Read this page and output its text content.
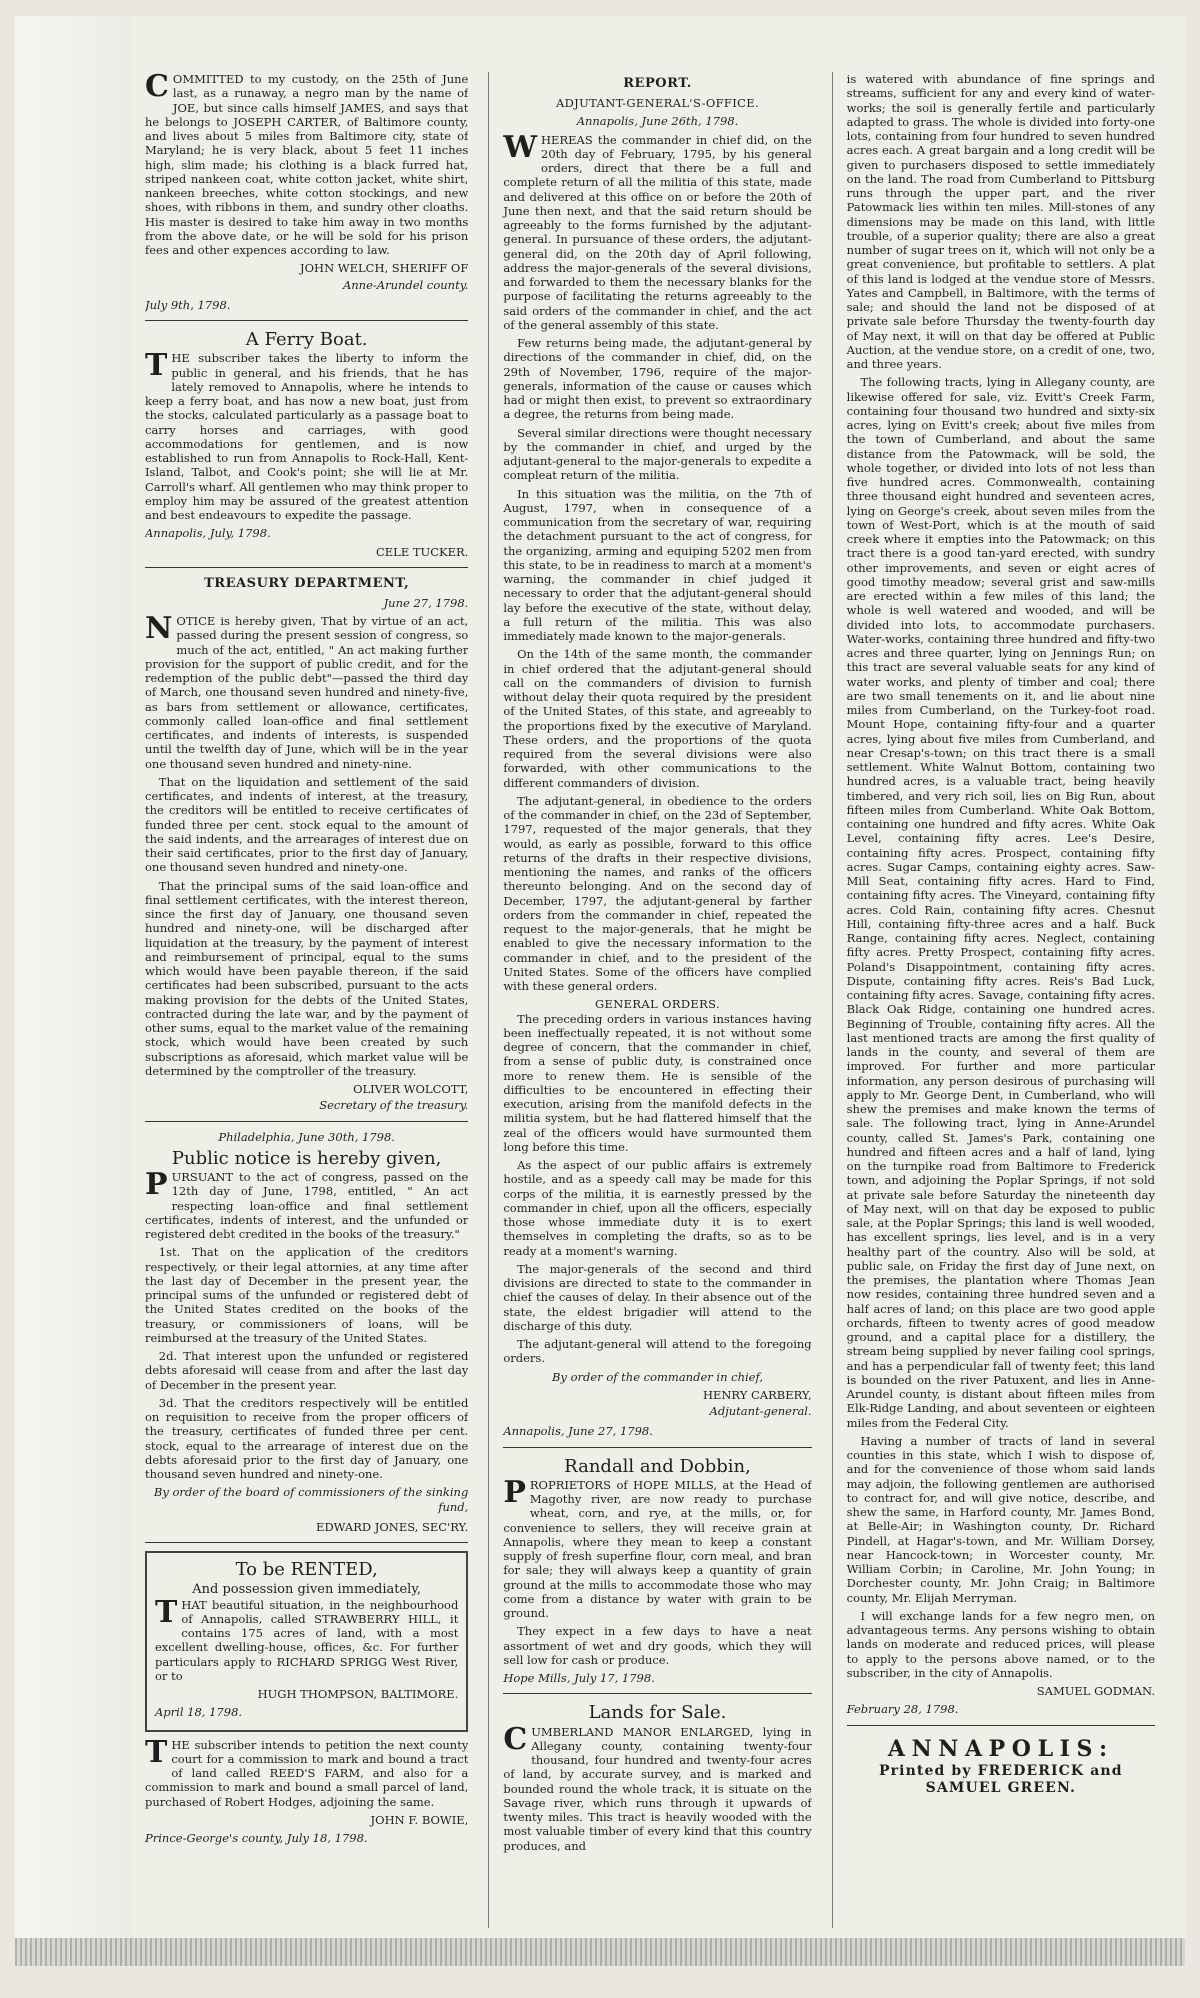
COMMITTED to my custody, on the 25th of June last, as a runaway, a negro man by the name of JOE, but since calls himself JAMES, and says that he belongs to JOSEPH CARTER, of Baltimore county, and lives about 5 miles from Baltimore city, state of Maryland; he is very black, about 5 feet 11 inches high, slim made; his clothing is a black furred hat, striped nankeen coat, white cotton jacket, white shirt, nankeen breeches, white cotton stockings, and new shoes, with ribbons in them, and sundry other cloaths. His master is desired to take him away in two months from the above date, or he will be sold for his prison fees and other expences according to law.

JOHN WELCH, SHERIFF OF
Anne-Arundel county.
July 9th, 1798.
A Ferry Boat.

THE subscriber takes the liberty to inform the public in general, and his friends, that he has lately removed to Annapolis, where he intends to keep a ferry boat, and has now a new boat, just from the stocks, calculated particularly as a passage boat to carry horses and carriages, with good accommodations for gentlemen, and is now established to run from Annapolis to Rock-Hall, Kent-Island, Talbot, and Cook's point; she will lie at Mr. Carroll's wharf. All gentlemen who may think proper to employ him may be assured of the greatest attention and best endeavours to expedite the passage.

Annapolis, July, 1798.
CELE TUCKER.
TREASURY DEPARTMENT,
June 27, 1798.

NOTICE is hereby given, That by virtue of an act, passed during the present session of congress, so much of the act, entitled, " An act making further provision for the support of public credit, and for the redemption of the public debt"—passed the third day of March, one thousand seven hundred and ninety-five, as bars from settlement or allowance, certificates, commonly called loan-office and final settlement certificates, and indents of interests, is suspended until the twelfth day of June, which will be in the year one thousand seven hundred and ninety-nine.

That on the liquidation and settlement of the said certificates, and indents of interest, at the treasury, the creditors will be entitled to receive certificates of funded three per cent. stock equal to the amount of the said indents, and the arrearages of interest due on their said certificates, prior to the first day of January, one thousand seven hundred and ninety-one.

That the principal sums of the said loan-office and final settlement certificates, with the interest thereon, since the first day of January, one thousand seven hundred and ninety-one, will be discharged after liquidation at the treasury, by the payment of interest and reimbursement of principal, equal to the sums which would have been payable thereon, if the said certificates had been subscribed, pursuant to the acts making provision for the debts of the United States, contracted during the late war, and by the payment of other sums, equal to the market value of the remaining stock, which would have been created by such subscriptions as aforesaid, which market value will be determined by the comptroller of the treasury.

OLIVER WOLCOTT,
Secretary of the treasury.
Philadelphia, June 30th, 1798.
Public notice is hereby given,

PURSUANT to the act of congress, passed on the 12th day of June, 1798, entitled, " An act respecting loan-office and final settlement certificates, indents of interest, and the unfunded or registered debt credited in the books of the treasury."

1st. That on the application of the creditors respectively, or their legal attornies, at any time after the last day of December in the present year, the principal sums of the unfunded or registered debt of the United States credited on the books of the treasury, or commissioners of loans, will be reimbursed at the treasury of the United States.

2d. That interest upon the unfunded or registered debts aforesaid will cease from and after the last day of December in the present year.

3d. That the creditors respectively will be entitled on requisition to receive from the proper officers of the treasury, certificates of funded three per cent. stock, equal to the arrearage of interest due on the debts aforesaid prior to the first day of January, one thousand seven hundred and ninety-one.

By order of the board of commissioners of the sinking fund,
EDWARD JONES, SEC'RY.
To be RENTED,
And possession given immediately,

THAT beautiful situation, in the neighbourhood of Annapolis, called STRAWBERRY HILL, it contains 175 acres of land, with a most excellent dwelling-house, offices, &c. For further particulars apply to RICHARD SPRIGG West River, or to

HUGH THOMPSON, BALTIMORE.
April 18, 1798.

THE subscriber intends to petition the next county court for a commission to mark and bound a tract of land called REED'S FARM, and also for a commission to mark and bound a small parcel of land, purchased of Robert Hodges, adjoining the same.

JOHN F. BOWIE,
Prince-George's county, July 18, 1798.
REPORT.
ADJUTANT-GENERAL'S-OFFICE.
Annapolis, June 26th, 1798.

WHEREAS the commander in chief did, on the 20th day of February, 1795, by his general orders, direct that there be a full and complete return of all the militia of this state, made and delivered at this office on or before the 20th of June then next, and that the said return should be agreeably to the forms furnished by the adjutant-general. In pursuance of these orders, the adjutant-general did, on the 20th day of April following, address the major-generals of the several divisions, and forwarded to them the necessary blanks for the purpose of facilitating the returns agreeably to the said orders of the commander in chief, and the act of the general assembly of this state.

Few returns being made, the adjutant-general by directions of the commander in chief, did, on the 29th of November, 1796, require of the major-generals, information of the cause or causes which had or might then exist, to prevent so extraordinary a degree, the returns from being made.

Several similar directions were thought necessary by the commander in chief, and urged by the adjutant-general to the major-generals to expedite a compleat return of the militia.

In this situation was the militia, on the 7th of August, 1797, when in consequence of a communication from the secretary of war, requiring the detachment pursuant to the act of congress, for the organizing, arming and equiping 5202 men from this state, to be in readiness to march at a moment's warning, the commander in chief judged it necessary to order that the adjutant-general should lay before the executive of the state, without delay, a full return of the militia. This was also immediately made known to the major-generals.

On the 14th of the same month, the commander in chief ordered that the adjutant-general should call on the commanders of division to furnish without delay their quota required by the president of the United States, of this state, and agreeably to the proportions fixed by the executive of Maryland. These orders, and the proportions of the quota required from the several divisions were also forwarded, with other communications to the different commanders of division.

The adjutant-general, in obedience to the orders of the commander in chief, on the 23d of September, 1797, requested of the major generals, that they would, as early as possible, forward to this office returns of the drafts in their respective divisions, mentioning the names, and ranks of the officers thereunto belonging. And on the second day of December, 1797, the adjutant-general by farther orders from the commander in chief, repeated the request to the major-generals, that he might be enabled to give the necessary information to the commander in chief, and to the president of the United States. Some of the officers have complied with these general orders.

GENERAL ORDERS.

The preceding orders in various instances having been ineffectually repeated, it is not without some degree of concern, that the commander in chief, from a sense of public duty, is constrained once more to renew them. He is sensible of the difficulties to be encountered in effecting their execution, arising from the manifold defects in the militia system, but he had flattered himself that the zeal of the officers would have surmounted them long before this time.

As the aspect of our public affairs is extremely hostile, and as a speedy call may be made for this corps of the militia, it is earnestly pressed by the commander in chief, upon all the officers, especially those whose immediate duty it is to exert themselves in completing the drafts, so as to be ready at a moment's warning.

The major-generals of the second and third divisions are directed to state to the commander in chief the causes of delay. In their absence out of the state, the eldest brigadier will attend to the discharge of this duty.

The adjutant-general will attend to the foregoing orders.

By order of the commander in chief,
HENRY CARBERY,
Adjutant-general.
Annapolis, June 27, 1798.
Randall and Dobbin,

PROPRIETORS of HOPE MILLS, at the Head of Magothy river, are now ready to purchase wheat, corn, and rye, at the mills, or, for convenience to sellers, they will receive grain at Annapolis, where they mean to keep a constant supply of fresh superfine flour, corn meal, and bran for sale; they will always keep a quantity of grain ground at the mills to accommodate those who may come from a distance by water with grain to be ground.

They expect in a few days to have a neat assortment of wet and dry goods, which they will sell low for cash or produce.

Hope Mills, July 17, 1798.
Lands for Sale.

CUMBERLAND MANOR ENLARGED, lying in Allegany county, containing twenty-four thousand, four hundred and twenty-four acres of land, by accurate survey, and is marked and bounded round the whole track, it is situate on the Savage river, which runs through it upwards of twenty miles. This tract is heavily wooded with the most valuable timber of every kind that this country produces, and

is watered with abundance of fine springs and streams, sufficient for any and every kind of water-works; the soil is generally fertile and particularly adapted to grass. The whole is divided into forty-one lots, containing from four hundred to seven hundred acres each. A great bargain and a long credit will be given to purchasers disposed to settle immediately on the land. The road from Cumberland to Pittsburg runs through the upper part, and the river Patowmack lies within ten miles. Mill-stones of any dimensions may be made on this land, with little trouble, of a superior quality; there are also a great number of sugar trees on it, which will not only be a great convenience, but profitable to settlers. A plat of this land is lodged at the vendue store of Messrs. Yates and Campbell, in Baltimore, with the terms of sale; and should the land not be disposed of at private sale before Thursday the twenty-fourth day of May next, it will on that day be offered at Public Auction, at the vendue store, on a credit of one, two, and three years.

The following tracts, lying in Allegany county, are likewise offered for sale, viz. Evitt's Creek Farm, containing four thousand two hundred and sixty-six acres, lying on Evitt's creek; about five miles from the town of Cumberland, and about the same distance from the Patowmack, will be sold, the whole together, or divided into lots of not less than five hundred acres. Commonwealth, containing three thousand eight hundred and seventeen acres, lying on George's creek, about seven miles from the town of West-Port, which is at the mouth of said creek where it empties into the Patowmack; on this tract there is a good tan-yard erected, with sundry other improvements, and seven or eight acres of good timothy meadow; several grist and saw-mills are erected within a few miles of this land; the whole is well watered and wooded, and will be divided into lots, to accommodate purchasers. Water-works, containing three hundred and fifty-two acres and three quarter, lying on Jennings Run; on this tract are several valuable seats for any kind of water works, and plenty of timber and coal; there are two small tenements on it, and lie about nine miles from Cumberland, on the Turkey-foot road. Mount Hope, containing fifty-four and a quarter acres, lying about five miles from Cumberland, and near Cresap's-town; on this tract there is a small settlement. White Walnut Bottom, containing two hundred acres, is a valuable tract, being heavily timbered, and very rich soil, lies on Big Run, about fifteen miles from Cumberland. White Oak Bottom, containing one hundred and fifty acres. White Oak Level, containing fifty acres. Lee's Desire, containing fifty acres. Prospect, containing fifty acres. Sugar Camps, containing eighty acres. Saw-Mill Seat, containing fifty acres. Hard to Find, containing fifty acres. The Vineyard, containing fifty acres. Cold Rain, containing fifty acres. Chesnut Hill, containing fifty-three acres and a half. Buck Range, containing fifty acres. Neglect, containing fifty acres. Pretty Prospect, containing fifty acres. Poland's Disappointment, containing fifty acres. Dispute, containing fifty acres. Reis's Bad Luck, containing fifty acres. Savage, containing fifty acres. Black Oak Ridge, containing one hundred acres. Beginning of Trouble, containing fifty acres. All the last mentioned tracts are among the first quality of lands in the county, and several of them are improved. For further and more particular information, any person desirous of purchasing will apply to Mr. George Dent, in Cumberland, who will shew the premises and make known the terms of sale. The following tract, lying in Anne-Arundel county, called St. James's Park, containing one hundred and fifteen acres and a half of land, lying on the turnpike road from Baltimore to Frederick town, and adjoining the Poplar Springs, if not sold at private sale before Saturday the nineteenth day of May next, will on that day be exposed to public sale, at the Poplar Springs; this land is well wooded, has excellent springs, lies level, and is in a very healthy part of the country. Also will be sold, at public sale, on Friday the first day of June next, on the premises, the plantation where Thomas Jean now resides, containing three hundred seven and a half acres of land; on this place are two good apple orchards, fifteen to twenty acres of good meadow ground, and a capital place for a distillery, the stream being supplied by never failing cool springs, and has a perpendicular fall of twenty feet; this land is bounded on the river Patuxent, and lies in Anne-Arundel county, is distant about fifteen miles from Elk-Ridge Landing, and about seventeen or eighteen miles from the Federal City.

Having a number of tracts of land in several counties in this state, which I wish to dispose of, and for the convenience of those whom said lands may adjoin, the following gentlemen are authorised to contract for, and will give notice, describe, and shew the same, in Harford county, Mr. James Bond, at Belle-Air; in Washington county, Dr. Richard Pindell, at Hagar's-town, and Mr. William Dorsey, near Hancock-town; in Worcester county, Mr. William Corbin; in Caroline, Mr. John Young; in Dorchester county, Mr. John Craig; in Baltimore county, Mr. Elijah Merryman.

I will exchange lands for a few negro men, on advantageous terms. Any persons wishing to obtain lands on moderate and reduced prices, will please to apply to the persons above named, or to the subscriber, in the city of Annapolis.

SAMUEL GODMAN.
February 28, 1798.
ANNAPOLIS:
Printed by FREDERICK and SAMUEL GREEN.
